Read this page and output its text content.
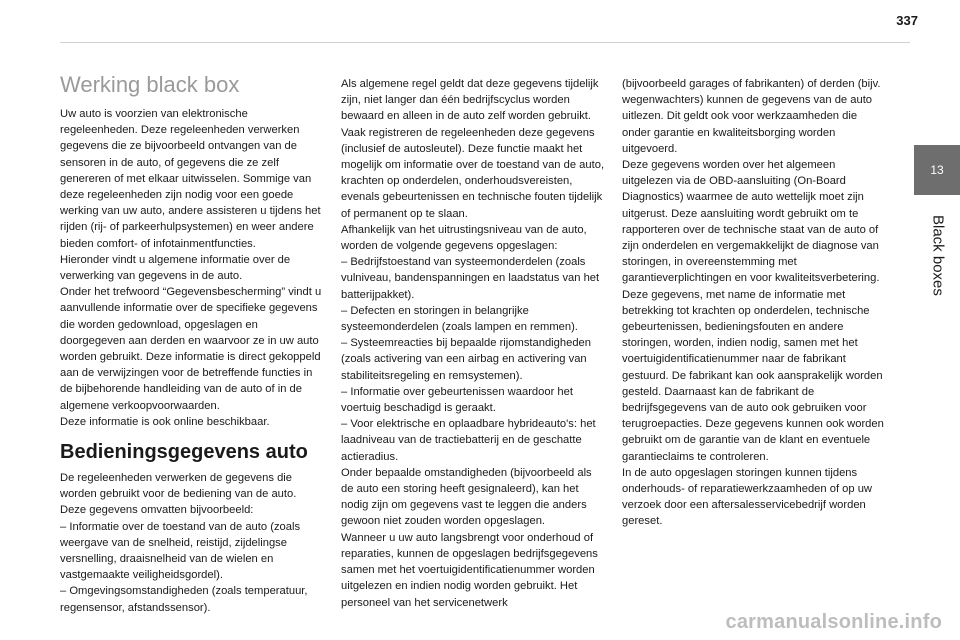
337
13
Black boxes
Werking black box

Uw auto is voorzien van elektronische regeleenheden. Deze regeleenheden verwerken gegevens die ze bijvoorbeeld ontvangen van de sensoren in de auto, of gegevens die ze zelf genereren of met elkaar uitwisselen. Sommige van deze regeleenheden zijn nodig voor een goede werking van uw auto, andere assisteren u tijdens het rijden (rij- of parkeerhulpsystemen) en weer andere bieden comfort- of infotainmentfuncties.

Hieronder vindt u algemene informatie over de verwerking van gegevens in de auto.

Onder het trefwoord “Gegevensbescherming” vindt u aanvullende informatie over de specifieke gegevens die worden gedownload, opgeslagen en doorgegeven aan derden en waarvoor ze in uw auto worden gebruikt. Deze informatie is direct gekoppeld aan de verwijzingen voor de betreffende functies in de bijbehorende handleiding van de auto of in de algemene verkoopvoorwaarden.

Deze informatie is ook online beschikbaar.

Bedieningsgegevens auto

De regeleenheden verwerken de gegevens die worden gebruikt voor de bediening van de auto.

Deze gegevens omvatten bijvoorbeeld:

– Informatie over de toestand van de auto (zoals weergave van de snelheid, reistijd, zijdelingse versnelling, draaisnelheid van de wielen en vastgemaakte veiligheidsgordel).

– Omgevingsomstandigheden (zoals temperatuur, regensensor, afstandssensor).

Als algemene regel geldt dat deze gegevens tijdelijk zijn, niet langer dan één bedrijfscyclus worden bewaard en alleen in de auto zelf worden gebruikt. Vaak registreren de regeleenheden deze gegevens (inclusief de autosleutel). Deze functie maakt het mogelijk om informatie over de toestand van de auto, krachten op onderdelen, onderhoudsvereisten, evenals gebeurtenissen en technische fouten tijdelijk of permanent op te slaan.

Afhankelijk van het uitrustingsniveau van de auto, worden de volgende gegevens opgeslagen:

– Bedrijfstoestand van systeemonderdelen (zoals vulniveau, bandenspanningen en laadstatus van het batterijpakket).

– Defecten en storingen in belangrijke systeemonderdelen (zoals lampen en remmen).

– Systeemreacties bij bepaalde rijomstandigheden (zoals activering van een airbag en activering van stabiliteitsregeling en remsystemen).

– Informatie over gebeurtenissen waardoor het voertuig beschadigd is geraakt.

– Voor elektrische en oplaadbare hybrideauto's: het laadniveau van de tractiebatterij en de geschatte actieradius.

Onder bepaalde omstandigheden (bijvoorbeeld als de auto een storing heeft gesignaleerd), kan het nodig zijn om gegevens vast te leggen die anders gewoon niet zouden worden opgeslagen.

Wanneer u uw auto langsbrengt voor onderhoud of reparaties, kunnen de opgeslagen bedrijfsgegevens samen met het voertuigidentificatienummer worden uitgelezen en indien nodig worden gebruikt. Het personeel van het servicenetwerk

(bijvoorbeeld garages of fabrikanten) of derden (bijv. wegenwachters) kunnen de gegevens van de auto uitlezen. Dit geldt ook voor werkzaamheden die onder garantie en kwaliteitsborging worden uitgevoerd.

Deze gegevens worden over het algemeen uitgelezen via de OBD-aansluiting (On-Board Diagnostics) waarmee de auto wettelijk moet zijn uitgerust. Deze aansluiting wordt gebruikt om te rapporteren over de technische staat van de auto of zijn onderdelen en vergemakkelijkt de diagnose van storingen, in overeenstemming met garantieverplichtingen en voor kwaliteitsverbetering. Deze gegevens, met name de informatie met betrekking tot krachten op onderdelen, technische gebeurtenissen, bedieningsfouten en andere storingen, worden, indien nodig, samen met het voertuigidentificatienummer naar de fabrikant gestuurd. De fabrikant kan ook aansprakelijk worden gesteld. Daarnaast kan de fabrikant de bedrijfsgegevens van de auto ook gebruiken voor terugroepacties. Deze gegevens kunnen ook worden gebruikt om de garantie van de klant en eventuele garantieclaims te controleren.

In de auto opgeslagen storingen kunnen tijdens onderhouds- of reparatiewerkzaamheden of op uw verzoek door een aftersalesservicebedrijf worden gereset.

carmanualsonline.info
